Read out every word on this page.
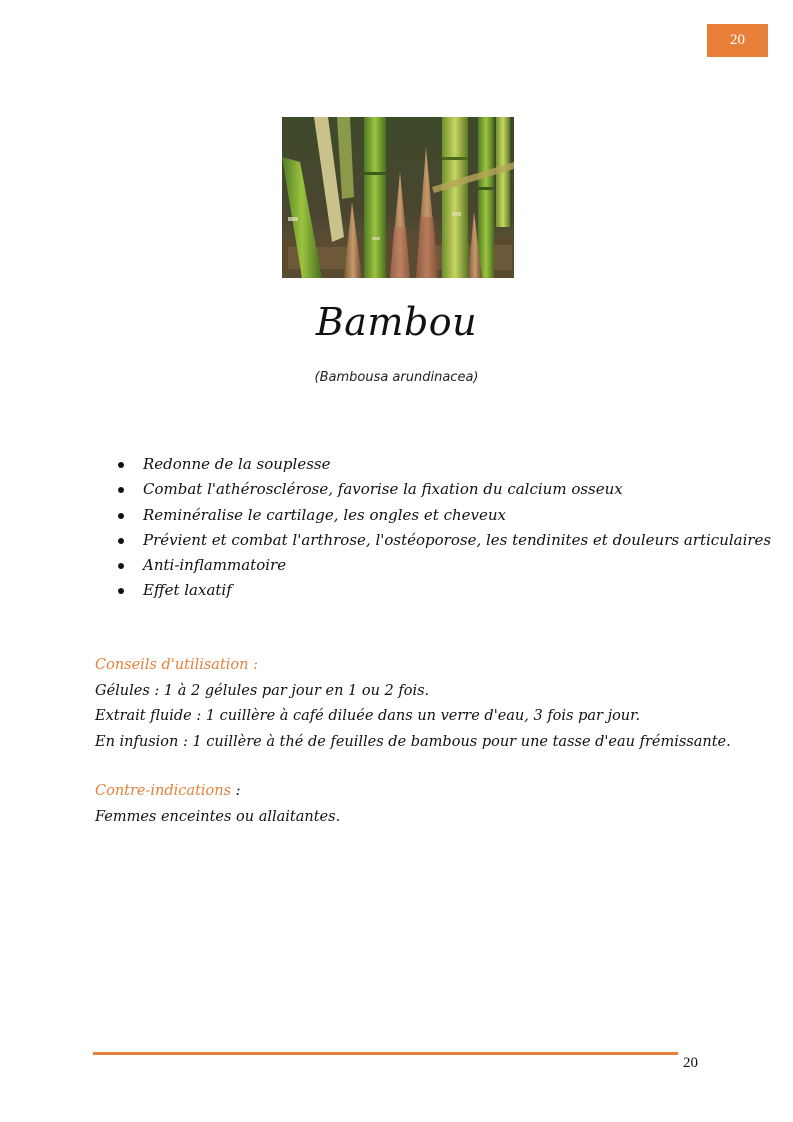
20
Bambou
(Bambousa arundinacea)
Redonne de la souplesse
Combat l'athérosclérose, favorise la fixation du calcium osseux
Reminéralise le cartilage, les ongles et cheveux
Prévient et combat l'arthrose, l'ostéoporose, les tendinites et douleurs articulaires
Anti-inflammatoire
Effet laxatif
Conseils d'utilisation :
Gélules : 1 à 2 gélules par jour en 1 ou 2 fois.
Extrait fluide : 1 cuillère à café diluée dans un verre d'eau, 3 fois par jour.
En infusion : 1 cuillère à thé de feuilles de bambous pour une tasse d'eau frémissante.
Contre-indications :
Femmes enceintes ou allaitantes.
20
